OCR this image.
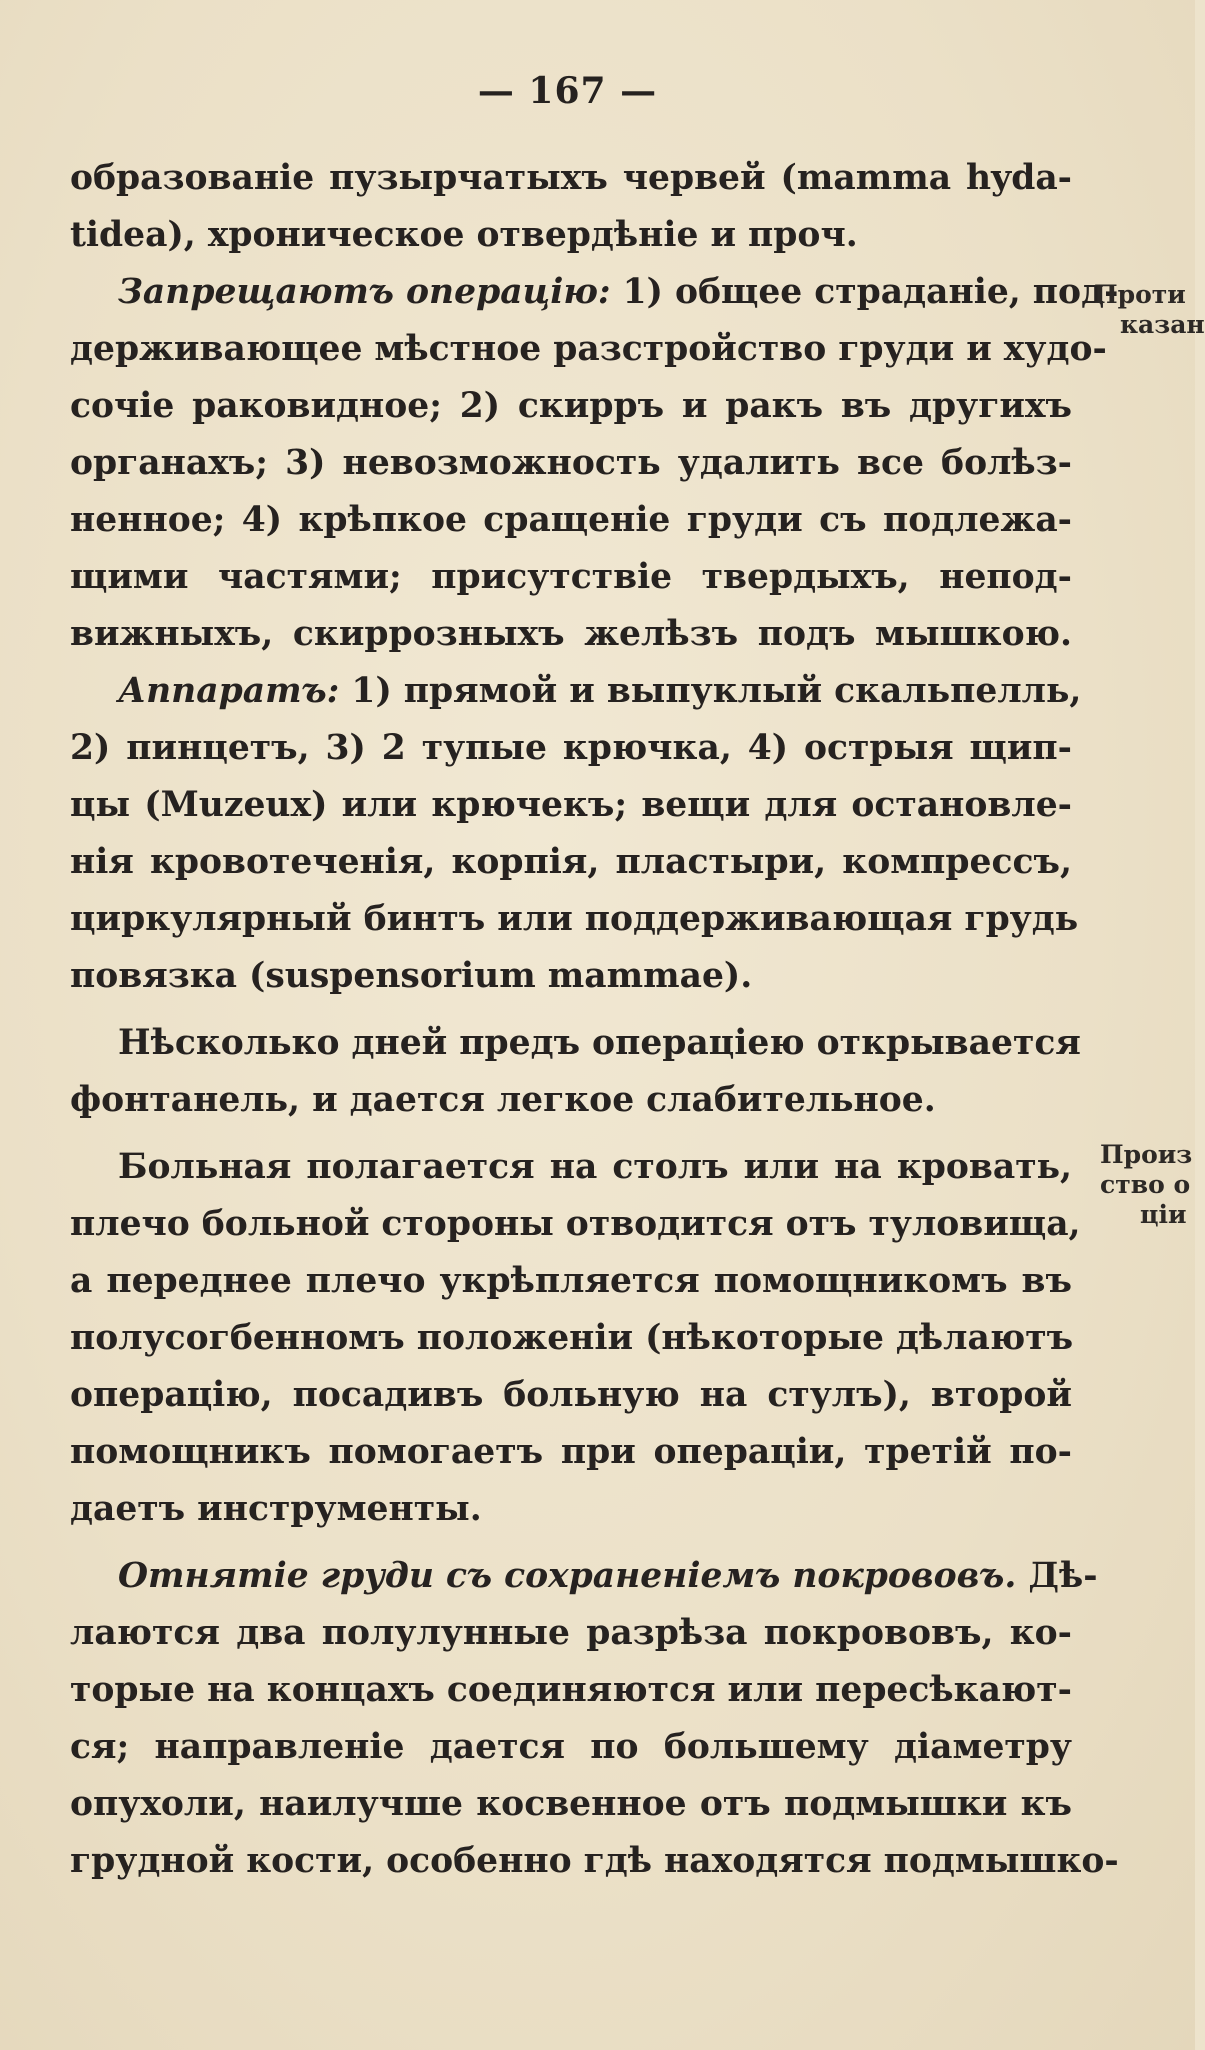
— 167 —
образованіе пузырчатыхъ червей (mamma hyda-
tidea), хроническое отвердѣніе и проч.
Запрещаютъ операцію: 1) общее страданіе, под-
держивающее мѣстное разстройство груди и худо-
сочіе раковидное; 2) скирръ и ракъ въ другихъ
органахъ; 3) невозможность удалить все болѣз-
ненное; 4) крѣпкое сращеніе груди съ подлежа-
щими частями; присутствіе твердыхъ, непод-
вижныхъ, скиррозныхъ желѣзъ подъ мышкою.
Аппаратъ: 1) прямой и выпуклый скальпелль,
2) пинцетъ, 3) 2 тупые крючка, 4) острыя щип-
цы (Muzeux) или крючекъ; вещи для остановле-
нія кровотеченія, корпія, пластыри, компрессъ,
циркулярный бинтъ или поддерживающая грудь
повязка (suspensorium mammae).
Нѣсколько дней предъ операціею открывается
фонтанель, и дается легкое слабительное.
Больная полагается на столъ или на кровать,
плечо больной стороны отводится отъ туловища,
а переднее плечо укрѣпляется помощникомъ въ
полусогбенномъ положеніи (нѣкоторые дѣлаютъ
операцію, посадивъ больную на стулъ), второй
помощникъ помогаетъ при операціи, третій по-
даетъ инструменты.
Отнятіе груди съ сохраненіемъ покрововъ. Дѣ-
лаются два полулунные разрѣза покрововъ, ко-
торые на концахъ соединяются или пересѣкают-
ся; направленіе дается по большему діаметру
опухоли, наилучше косвенное отъ подмышки къ
грудной кости, особенно гдѣ находятся подмышко-
Проти
казан
Произ
ство о
ціи
